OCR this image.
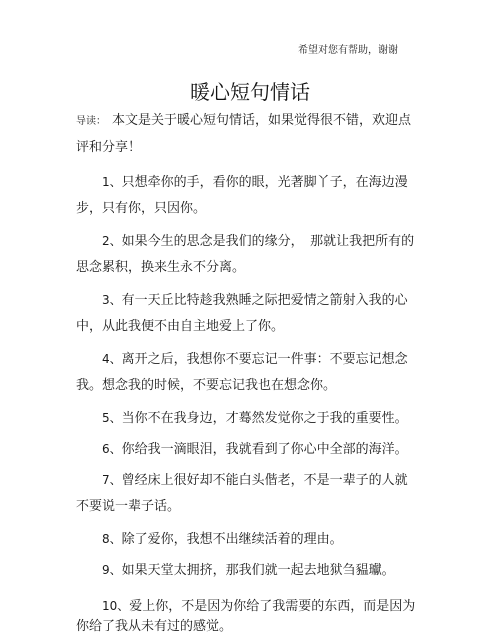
希望对您有帮助，谢谢
暖心短句情话

导读： 本文是关于暖心短句情话，如果觉得很不错，欢迎点评和分享！

1、只想牵你的手，看你的眼，光著脚丫子，在海边漫步，只有你，只因你。

2、如果今生的思念是我们的缘分，　那就让我把所有的思念累积，换来生永不分离。

3、有一天丘比特趁我熟睡之际把爱情之箭射入我的心中，从此我便不由自主地爱上了你。

4、离开之后，我想你不要忘记一件事：不要忘记想念我。想念我的时候，不要忘记我也在想念你。

5、当你不在我身边，才蓦然发觉你之于我的重要性。

6、你给我一滴眼泪，我就看到了你心中全部的海洋。

7、曾经床上很好却不能白头偕老，不是一辈子的人就不要说一辈子话。

8、除了爱你，我想不出继续活着的理由。

9、如果天堂太拥挤，那我们就一起去地狱刍豱瓛。

10、爱上你，不是因为你给了我需要的东西，而是因为你给了我从未有过的感觉。
